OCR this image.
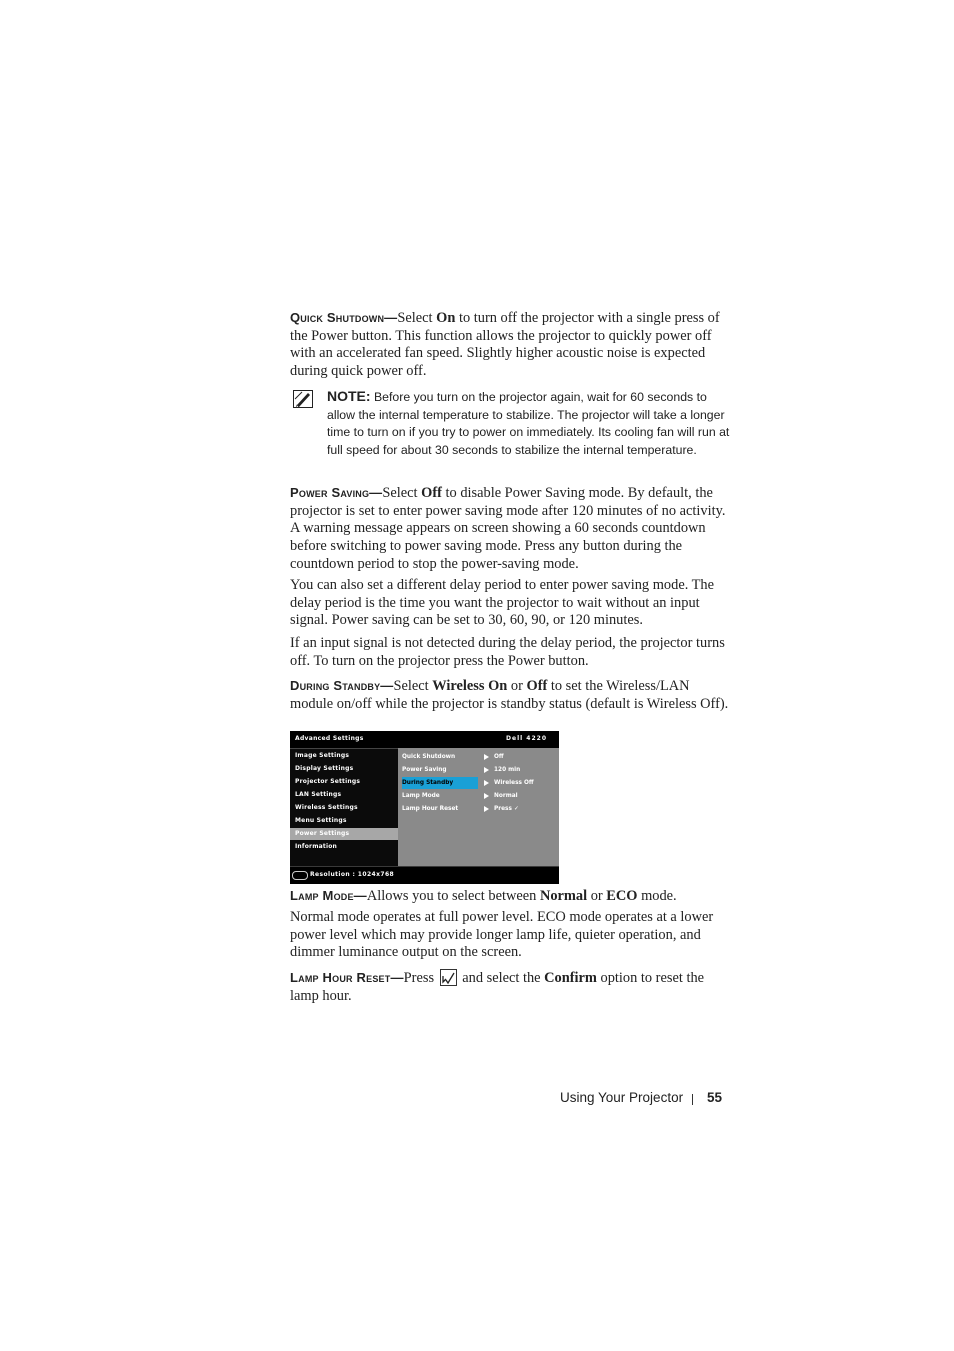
Quick Shutdown—Select On to turn off the projector with a single press of the Power button. This function allows the projector to quickly power off with an accelerated fan speed. Slightly higher acoustic noise is expected during quick power off.

NOTE: Before you turn on the projector again, wait for 60 seconds to allow the internal temperature to stabilize. The projector will take a longer time to turn on if you try to power on immediately. Its cooling fan will run at full speed for about 30 seconds to stabilize the internal temperature.

Power Saving—Select Off to disable Power Saving mode. By default, the projector is set to enter power saving mode after 120 minutes of no activity. A warning message appears on screen showing a 60 seconds countdown before switching to power saving mode. Press any button during the countdown period to stop the power-saving mode.

You can also set a different delay period to enter power saving mode. The delay period is the time you want the projector to wait without an input signal. Power saving can be set to 30, 60, 90, or 120 minutes.

If an input signal is not detected during the delay period, the projector turns off. To turn on the projector press the Power button.

During Standby—Select Wireless On or Off to set the Wireless/LAN module on/off while the projector is standby status (default is Wireless Off).

Advanced Settings	Dell 4220
Image Settings
Display Settings
Projector Settings
LAN Settings
Wireless Settings
Menu Settings
Power Settings
Information
Quick Shutdown	Off
Power Saving	120 min
During Standby	Wireless Off
Lamp Mode	Normal
Lamp Hour Reset	Press ✓
Resolution : 1024x768

Lamp Mode—Allows you to select between Normal or ECO mode.

Normal mode operates at full power level. ECO mode operates at a lower power level which may provide longer lamp life, quieter operation, and dimmer luminance output on the screen.

Lamp Hour Reset—Press
and select the Confirm option to reset the lamp hour.

Using Your Projector 55
